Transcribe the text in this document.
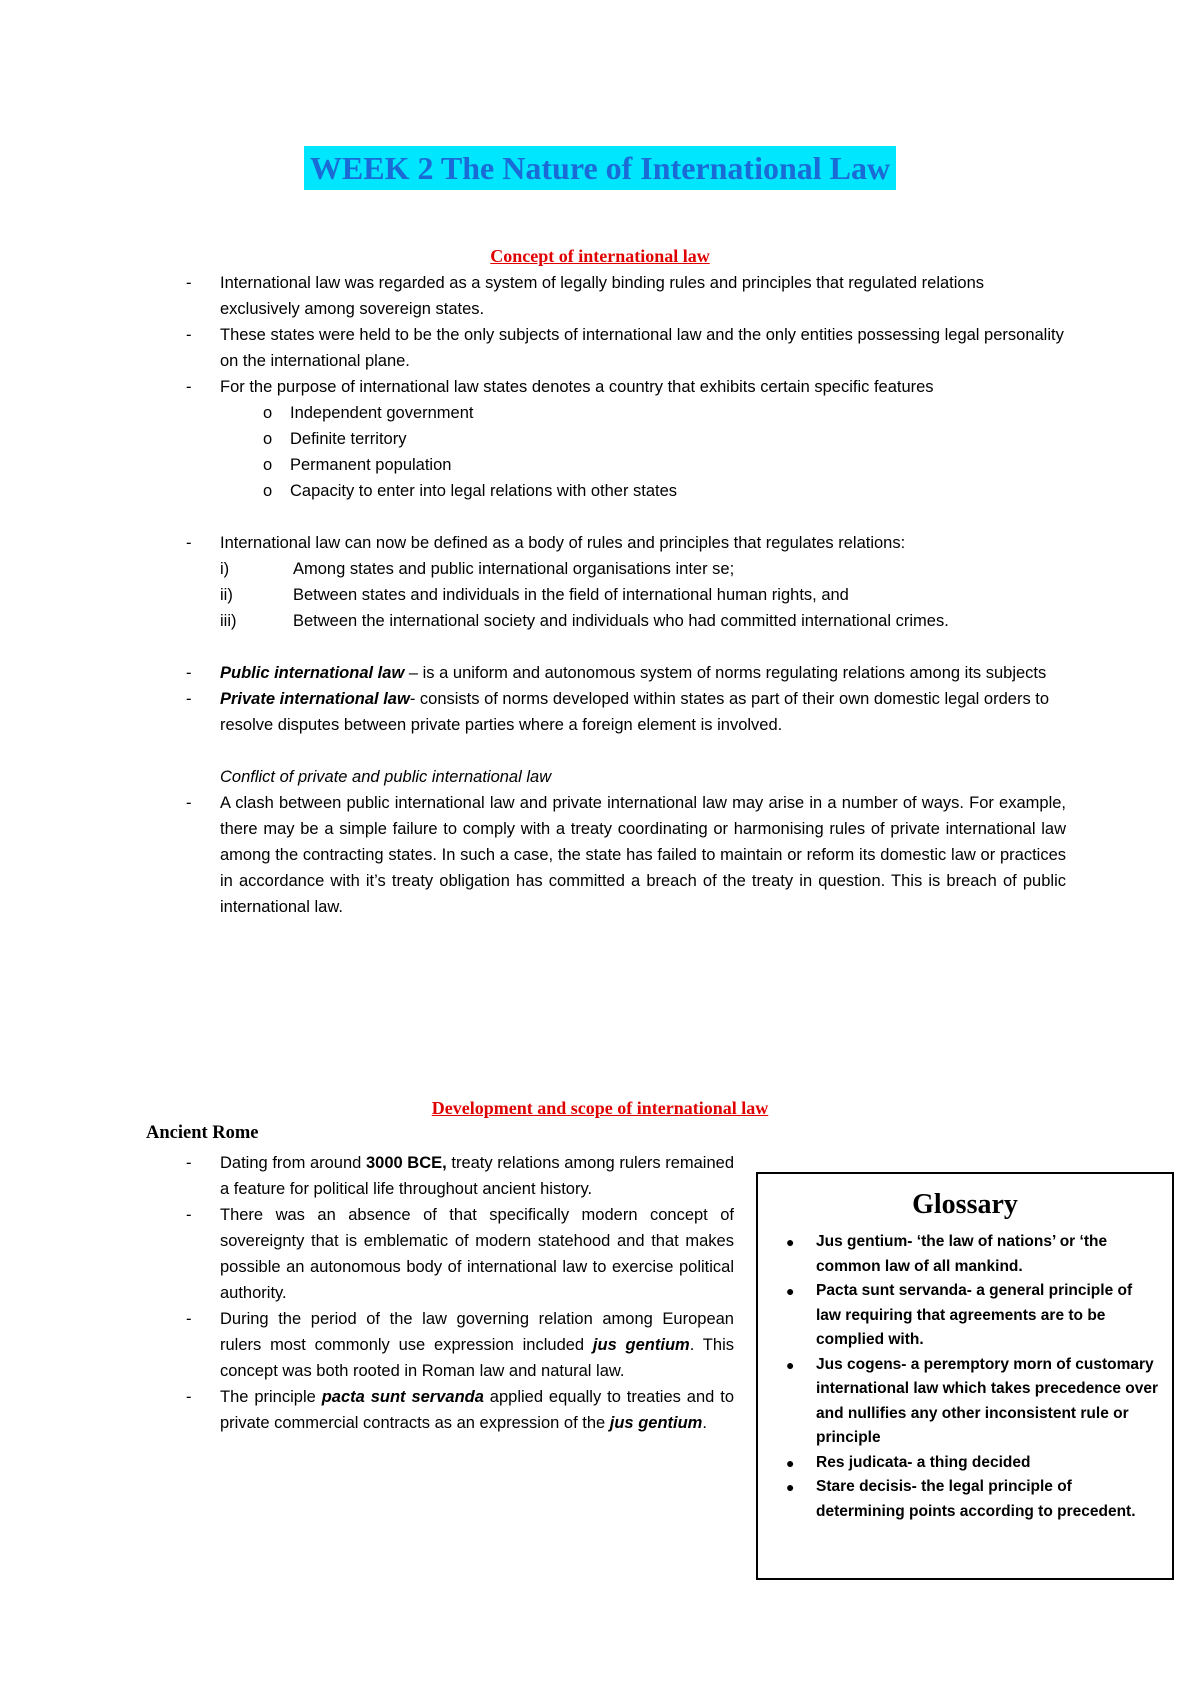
WEEK 2 The Nature of International Law
Concept of international law

- International law was regarded as a system of legally binding rules and principles that regulated relations exclusively among sovereign states.

- These states were held to be the only subjects of international law and the only entities possessing legal personality on the international plane.

- For the purpose of international law states denotes a country that exhibits certain specific features

o Independent government

o Definite territory

o Permanent population

o Capacity to enter into legal relations with other states

- International law can now be defined as a body of rules and principles that regulates relations:

i)	Among states and public international organisations inter se;

ii)	Between states and individuals in the field of international human rights, and

iii)	Between the international society and individuals who had committed international crimes.

- Public international law – is a uniform and autonomous system of norms regulating relations among its subjects

- Private international law- consists of norms developed within states as part of their own domestic legal orders to resolve disputes between private parties where a foreign element is involved.

Conflict of private and public international law

- A clash between public international law and private international law may arise in a number of ways. For example, there may be a simple failure to comply with a treaty coordinating or harmonising rules of private international law among the contracting states. In such a case, the state has failed to maintain or reform its domestic law or practices in accordance with it’s treaty obligation has committed a breach of the treaty in question. This is breach of public international law.

Development and scope of international law
Ancient Rome

- Dating from around 3000 BCE, treaty relations among rulers remained a feature for political life throughout ancient history.

- There was an absence of that specifically modern concept of sovereignty that is emblematic of modern statehood and that makes possible an autonomous body of international law to exercise political authority.

- During the period of the law governing relation among European rulers most commonly use expression included jus gentium. This concept was both rooted in Roman law and natural law.

- The principle pacta sunt servanda applied equally to treaties and to private commercial contracts as an expression of the jus gentium.

Glossary
● Jus gentium- ‘the law of nations’ or ‘the common law of all mankind.
● Pacta sunt servanda- a general principle of law requiring that agreements are to be complied with.
● Jus cogens- a peremptory morn of customary international law which takes precedence over and nullifies any other inconsistent rule or principle
● Res judicata- a thing decided
● Stare decisis- the legal principle of determining points according to precedent.
